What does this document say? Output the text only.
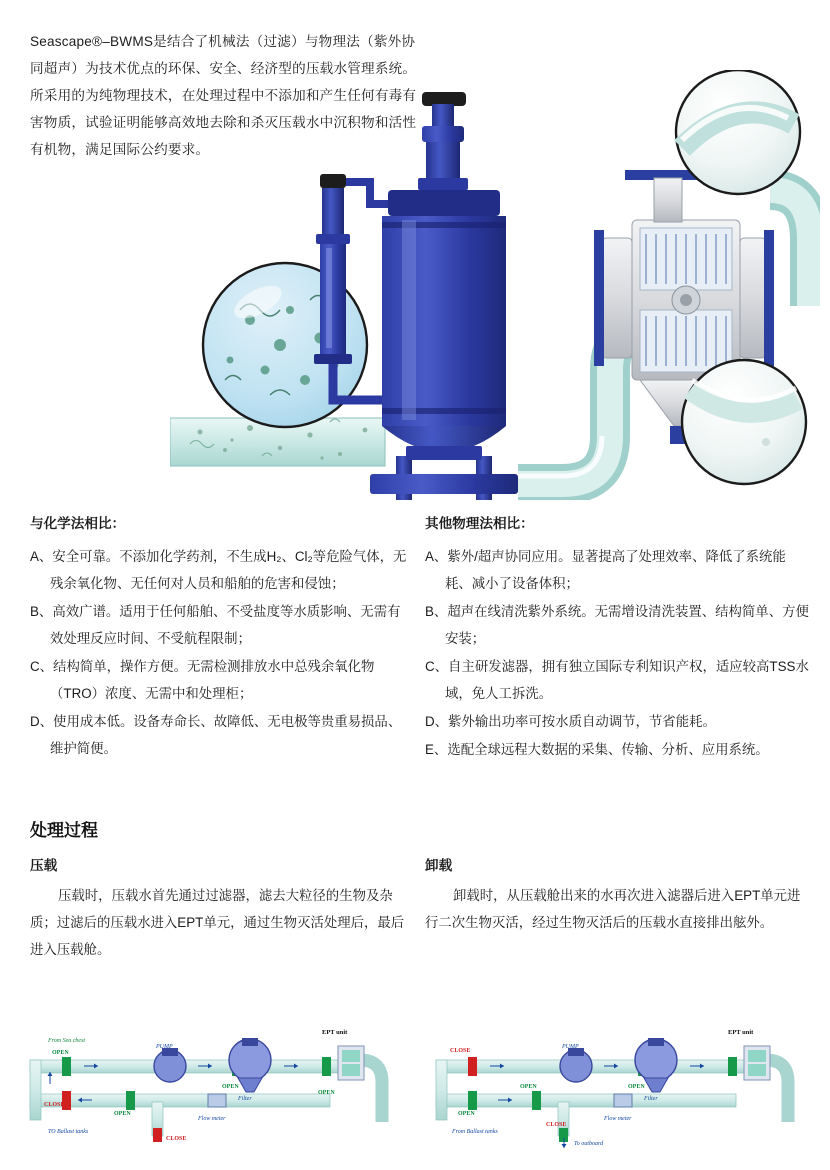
Seascape®–BWMS是结合了机械法（过滤）与物理法（紫外协同超声）为技术优点的环保、安全、经济型的压载水管理系统。所采用的为纯物理技术，在处理过程中不添加和产生任何有毒有害物质，试验证明能够高效地去除和杀灭压载水中沉积物和活性有机物，满足国际公约要求。
与化学法相比：
A、安全可靠。不添加化学药剂，不生成H₂、Cl₂等危险气体，无残余氧化物、无任何对人员和船舶的危害和侵蚀；
B、高效广谱。适用于任何船舶、不受盐度等水质影响、无需有效处理反应时间、不受航程限制；
C、结构简单，操作方便。无需检测排放水中总残余氧化物（TRO）浓度、无需中和处理柜；
D、使用成本低。设备寿命长、故障低、无电极等贵重易损品、维护简便。
其他物理法相比：
A、紫外/超声协同应用。显著提高了处理效率、降低了系统能耗、减小了设备体积；
B、超声在线清洗紫外系统。无需增设清洗装置、结构简单、方便安装；
C、自主研发滤器，拥有独立国际专利知识产权，适应较高TSS水域，免人工拆洗。
D、紫外输出功率可按水质自动调节，节省能耗。
E、选配全球远程大数据的采集、传输、分析、应用系统。
处理过程
压载	卸载
压载时，压载水首先通过过滤器，滤去大粒径的生物及杂质；过滤后的压载水进入EPT单元，通过生物灭活处理后，最后进入压载舱。
卸载时，从压载舱出来的水再次进入滤器后进入EPT单元进行二次生物灭活，经过生物灭活后的压载水直接排出舷外。
From Sea chest
TO Ballast tanks
PUMP
Filter
EPT unit
Flow meter
OPEN
CLOSE
OPEN
CLOSE
OPEN
OPEN
From Ballast tanks
PUMP
Filter
EPT unit
Flow meter
CLOSE
OPEN
OPEN
CLOSE
OPEN
To outboard
